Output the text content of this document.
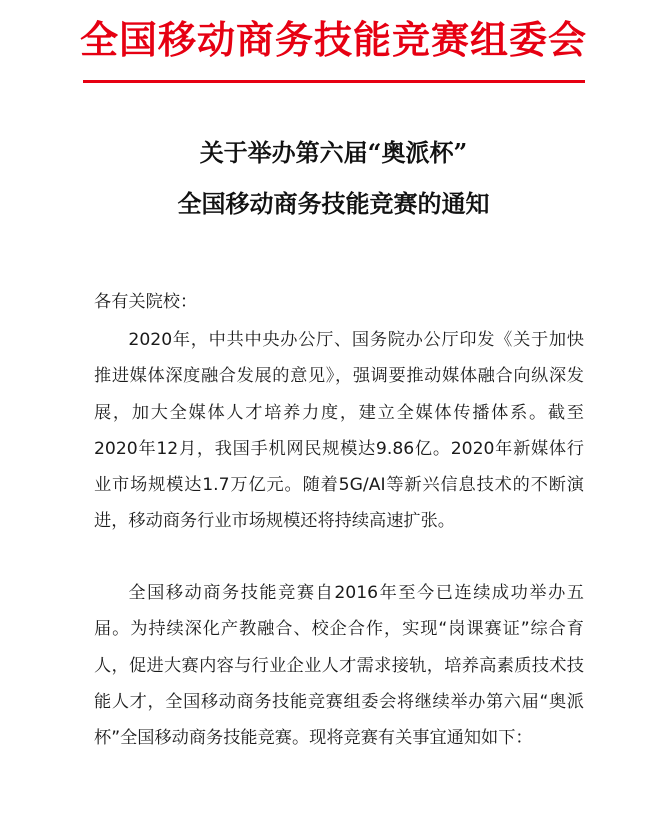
全国移动商务技能竞赛组委会
关于举办第六届“奥派杯”
全国移动商务技能竞赛的通知
各有关院校：
2020年，中共中央办公厅、国务院办公厅印发《关于加快推进媒体深度融合发展的意见》，强调要推动媒体融合向纵深发展，加大全媒体人才培养力度，建立全媒体传播体系。截至2020年12月，我国手机网民规模达9.86亿。2020年新媒体行业市场规模达1.7万亿元。随着5G/AI等新兴信息技术的不断演进，移动商务行业市场规模还将持续高速扩张。
全国移动商务技能竞赛自2016年至今已连续成功举办五届。为持续深化产教融合、校企合作，实现“岗课赛证”综合育人，促进大赛内容与行业企业人才需求接轨，培养高素质技术技能人才，全国移动商务技能竞赛组委会将继续举办第六届“奥派杯”全国移动商务技能竞赛。现将竞赛有关事宜通知如下：
